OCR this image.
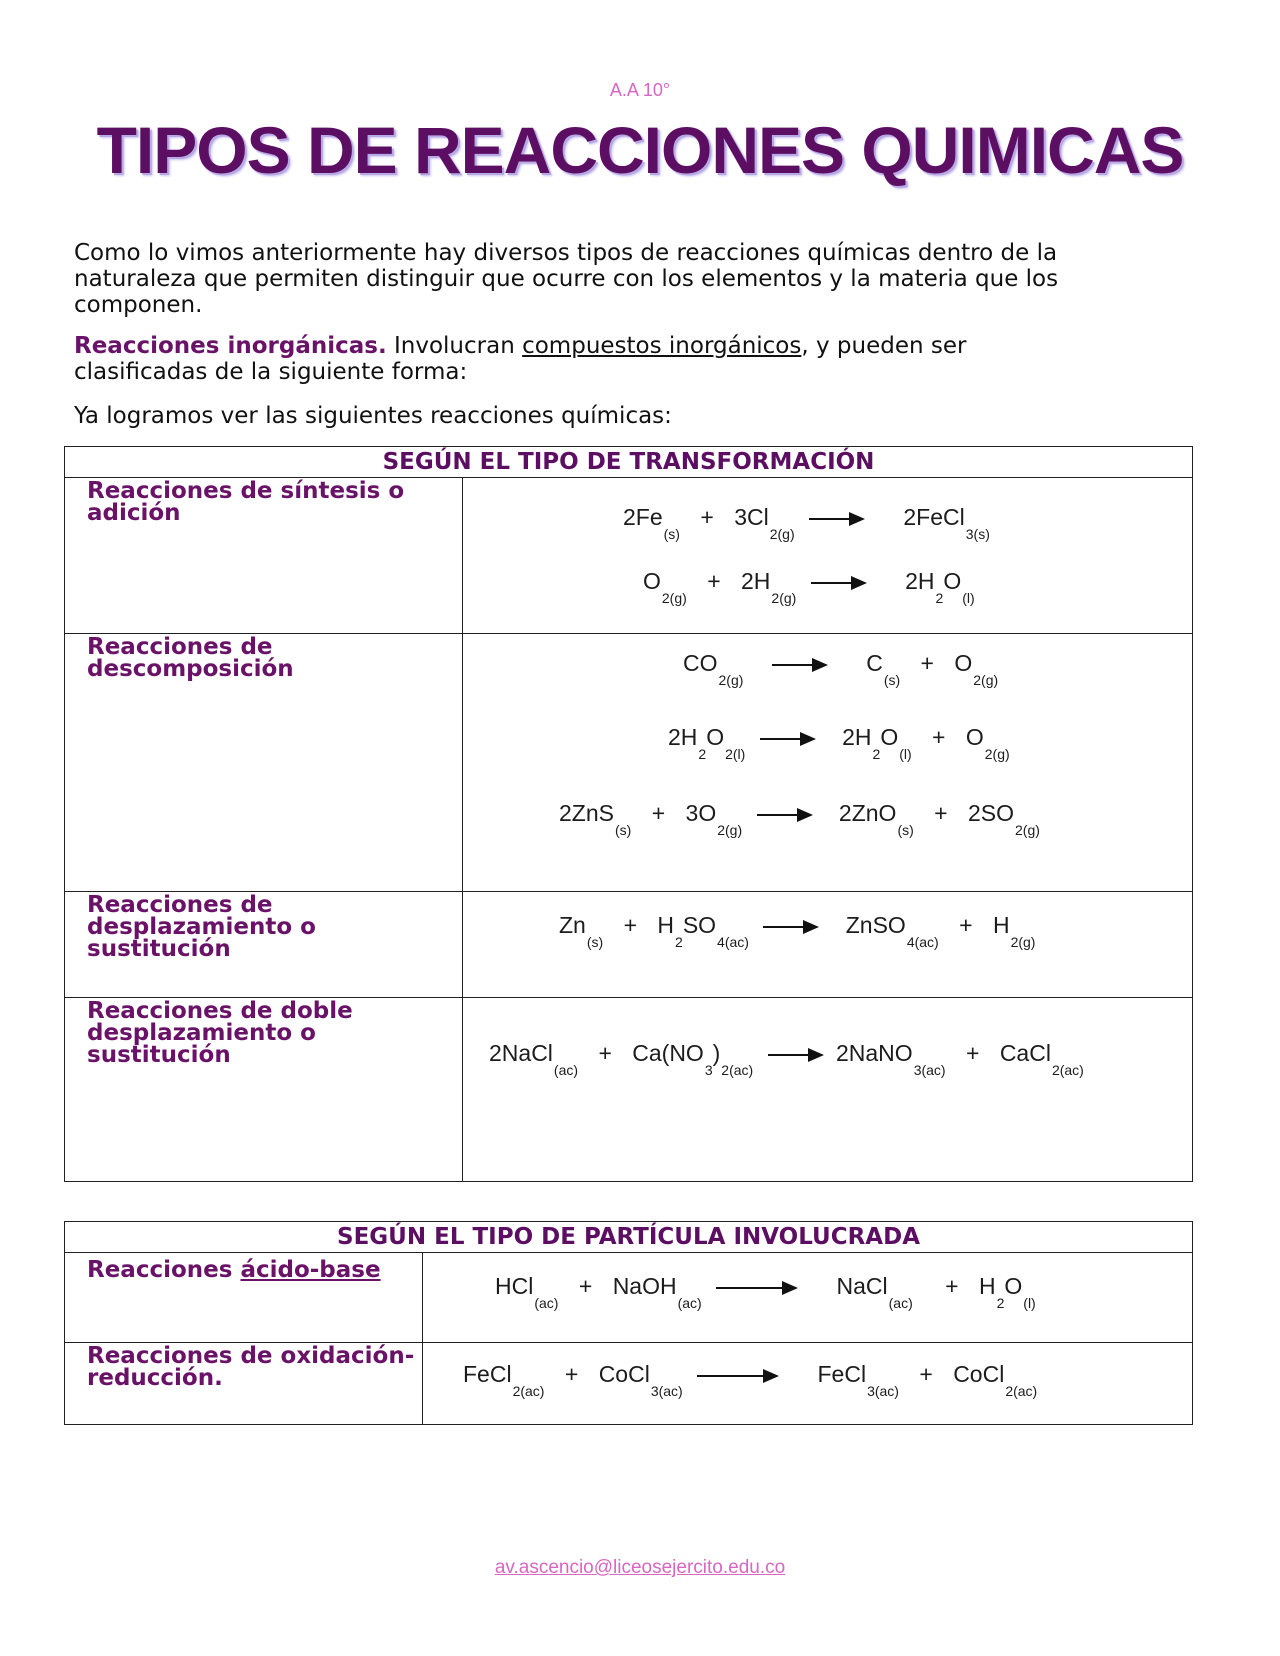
A.A 10°
TIPOS DE REACCIONES QUIMICAS
Como lo vimos anteriormente hay diversos tipos de reacciones químicas dentro de la naturaleza que permiten distinguir que ocurre con los elementos y la materia que los componen.
Reacciones inorgánicas. Involucran compuestos inorgánicos, y pueden ser clasificadas de la siguiente forma:
Ya logramos ver las siguientes reacciones químicas:
SEGÚN EL TIPO DE TRANSFORMACIÓN	
Reacciones de síntesis o adición	$2Fe_{(s)} + 3Cl_{2(g)}$  2FeCl$_{3(s)}$
$O_{2(g)} + 2H_{2(g)}$  $2H_2O_{(l)}$

Reacciones de descomposición	$CO_{2(g)}$  $C_{(s)} + O_{2(g)}$
$2H_2O_{2(l)} \to 2H_2O_{(l)} + O_{2(g)}$
$2ZnS_{(s)} + 3O_{2(g)} \to 2ZnO_{(s)} + 2SO_{2(g)}$

Reacciones de desplazamiento o sustitución	$Zn_{(s)} + H_2SO_{4(ac)}$ → ZnSO$_{4(ac)}$ + $H_{2(g)}$

Reacciones de doble desplazamiento o sustitución	2NaCl$_{(ac)}$ + $Ca(NO_3)_{2(ac)}$ → 2NaNO$_{3(ac)}$ + CaCl$_{2(ac)}$
SEGÚN EL TIPO DE PARTÍCULA INVOLUCRADA	
Reacciones ácido-base	HCl$_{(ac)}$ + NaOH$_{(ac)}$  NaCl$_{(ac)}$ + $H_2O_{(l)}$

Reacciones de oxidación- reducción.	FeCl$_{2(ac)}$ + CoCl$_{3(ac)}$  FeCl$_{3(ac)}$ + CoCl$_{2(ac)}$
av.ascencio@liceosejercito.edu.co
